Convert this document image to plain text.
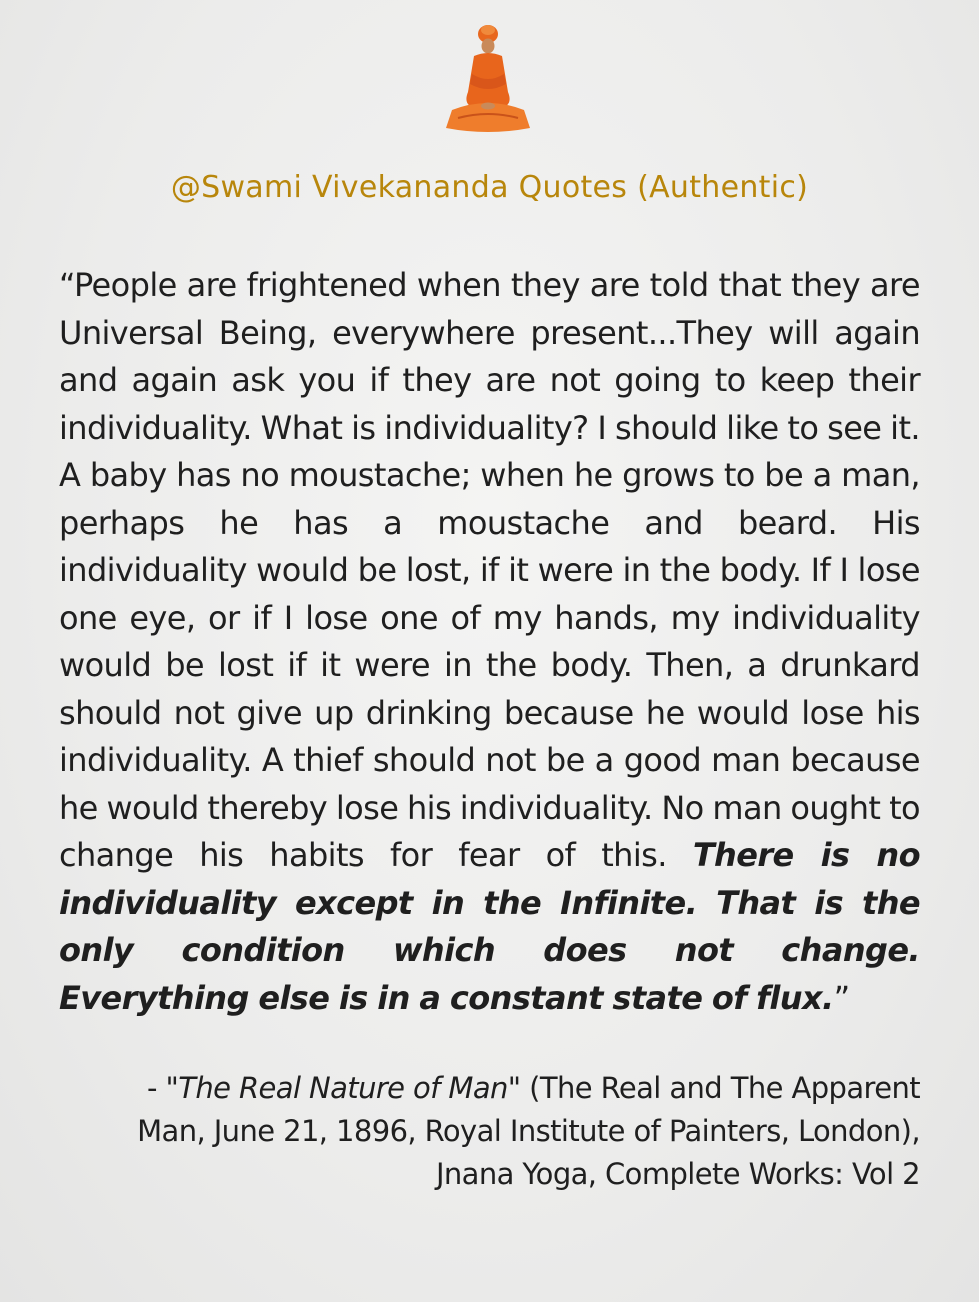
@Swami Vivekananda Quotes (Authentic)

“People are frightened when they are told that they are Universal Being, everywhere present...They will again and again ask you if they are not going to keep their individuality. What is individuality? I should like to see it. A baby has no moustache; when he grows to be a man, perhaps he has a moustache and beard. His individuality would be lost, if it were in the body. If I lose one eye, or if I lose one of my hands, my individuality would be lost if it were in the body. Then, a drunkard should not give up drinking because he would lose his individuality. A thief should not be a good man because he would thereby lose his individuality. No man ought to change his habits for fear of this. There is no individuality except in the Infinite. That is the only condition which does not change. Everything else is in a constant state of flux.”

- "The Real Nature of Man" (The Real and The Apparent Man, June 21, 1896, Royal Institute of Painters, London), Jnana Yoga, Complete Works: Vol 2
